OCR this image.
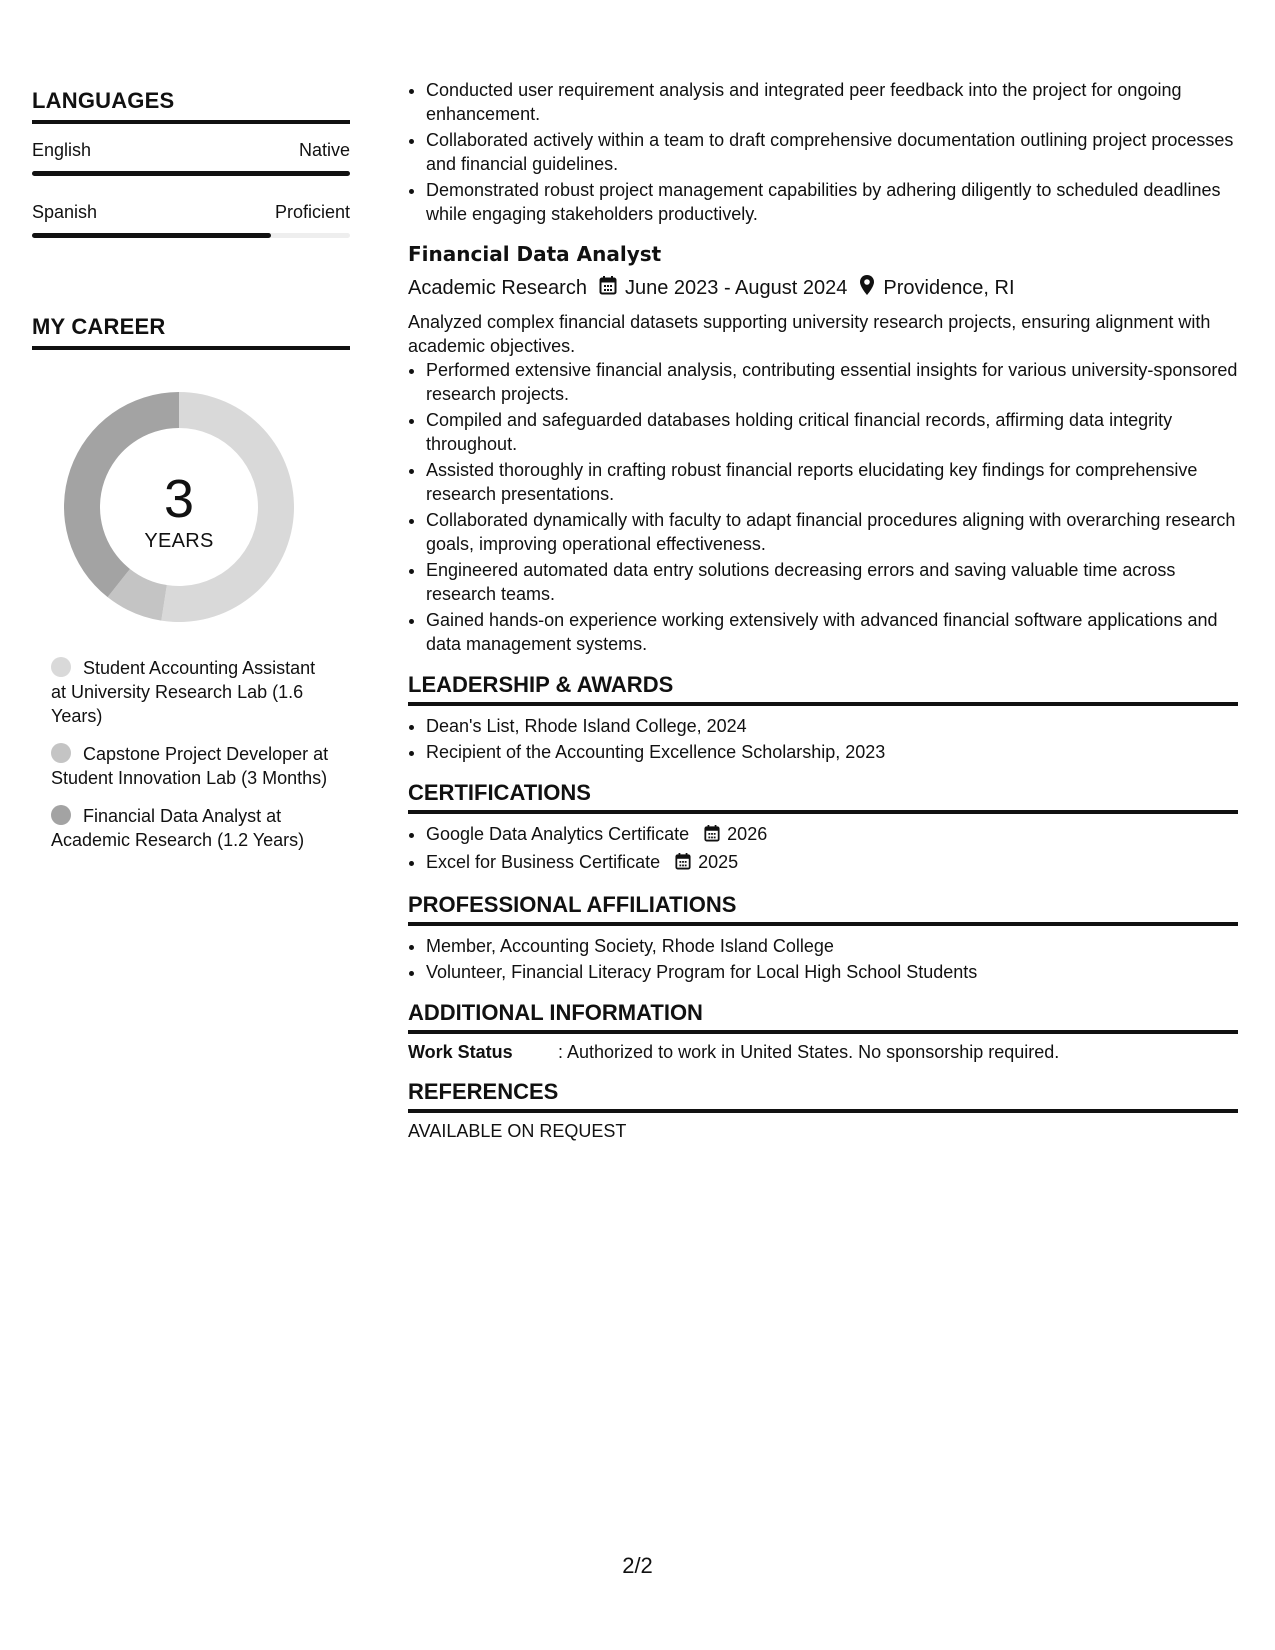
LANGUAGES
English	Native
Spanish	Proficient
MY CAREER
3
YEARS
Student Accounting Assistant at University Research Lab (1.6 Years)
Capstone Project Developer at Student Innovation Lab (3 Months)
Financial Data Analyst at Academic Research (1.2 Years)
• Conducted user requirement analysis and integrated peer feedback into the project for ongoing enhancement.
• Collaborated actively within a team to draft comprehensive documentation outlining project processes and financial guidelines.
• Demonstrated robust project management capabilities by adhering diligently to scheduled deadlines while engaging stakeholders productively.
Financial Data Analyst
Academic Research June 2023 - August 2024 Providence, RI
Analyzed complex financial datasets supporting university research projects, ensuring alignment with academic objectives.
• Performed extensive financial analysis, contributing essential insights for various university-sponsored research projects.
• Compiled and safeguarded databases holding critical financial records, affirming data integrity throughout.
• Assisted thoroughly in crafting robust financial reports elucidating key findings for comprehensive research presentations.
• Collaborated dynamically with faculty to adapt financial procedures aligning with overarching research goals, improving operational effectiveness.
• Engineered automated data entry solutions decreasing errors and saving valuable time across research teams.
• Gained hands-on experience working extensively with advanced financial software applications and data management systems.
LEADERSHIP & AWARDS
• Dean's List, Rhode Island College, 2024
• Recipient of the Accounting Excellence Scholarship, 2023
CERTIFICATIONS
• Google Data Analytics Certificate 2026
• Excel for Business Certificate 2025
PROFESSIONAL AFFILIATIONS
• Member, Accounting Society, Rhode Island College
• Volunteer, Financial Literacy Program for Local High School Students
ADDITIONAL INFORMATION
Work Status	: Authorized to work in United States. No sponsorship required.
REFERENCES
AVAILABLE ON REQUEST
2/2
